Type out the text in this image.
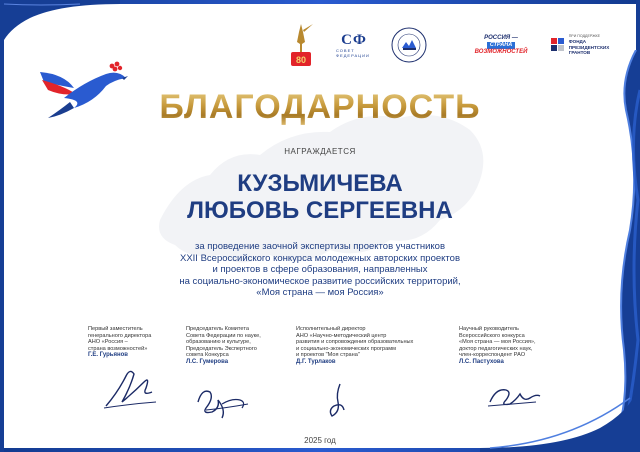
80
СФ
СОВЕТ ФЕДЕРАЦИИ
РОССИЯ —
СТРАНА
ВОЗМОЖНОСТЕЙ
ПРИ ПОДДЕРЖКЕ
ФОНДА
ПРЕЗИДЕНТСКИХ
ГРАНТОВ
БЛАГОДАРНОСТЬ
НАГРАЖДАЕТСЯ
КУЗЬМИЧЕВА
ЛЮБОВЬ СЕРГЕЕВНА
за проведение заочной экспертизы проектов участников
XXII Всероссийского конкурса молодежных авторских проектов
и проектов в сфере образования, направленных
на социально-экономическое развитие российских территорий,
«Моя страна — моя Россия»
Первый заместитель
генерального директора
АНО «Россия –
страна возможностей»
Г.Е. Гурьянов
Председатель Комитета
Совета Федерации по науке,
образованию и культуре,
Председатель Экспертного
совета Конкурса
Л.С. Гумерова
Исполнительный директор
АНО «Научно-методический центр
развития и сопровождения образовательных
и социально-экономических программ
и проектов "Моя страна"
Д.Г. Турлаков
Научный руководитель
Всероссийского конкурса
«Моя страна — моя Россия»,
доктор педагогических наук,
член-корреспондент РАО
Л.С. Пастухова
2025 год
